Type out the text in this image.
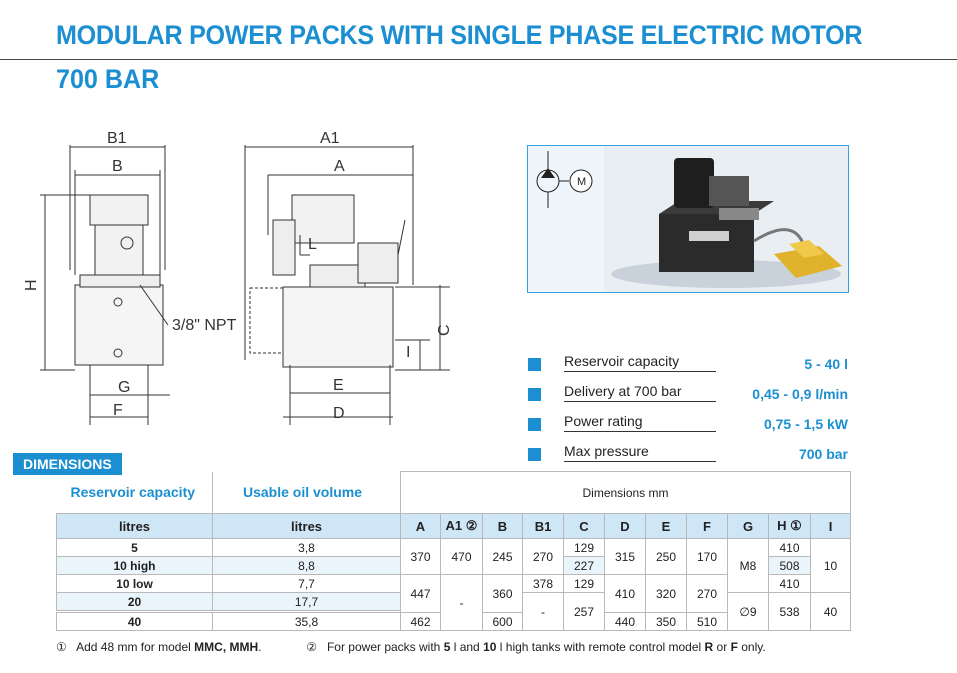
MODULAR POWER PACKS WITH SINGLE PHASE ELECTRIC MOTOR
700 BAR
B1
B
H
3/8" NPT
G
F
A1
A
L
C
I
E
D
M
Reservoir capacity	5 - 40 l
Delivery at 700 bar	0,45 - 0,9 l/min
Power rating	0,75 - 1,5 kW
Max pressure	700 bar
DIMENSIONS
Reservoir capacity	Usable oil volume	Dimensions mm										
litres	litres	A	A1 ②	B	B1	C	D	E	F	G	H ①	I
5	3,8	370	470	245	270	129	315	250	170	M8	410	10
10 high	8,8					227					508	
10 low	7,7	447	-	360	378	129	410	320	270		410	
20	17,7				-	257				∅9	538	40

40	35,8	462		600			440	350	510			
① Add 48 mm for model MMC, MMH.	② For power packs with 5 l and 10 l high tanks with remote control model R or F only.
